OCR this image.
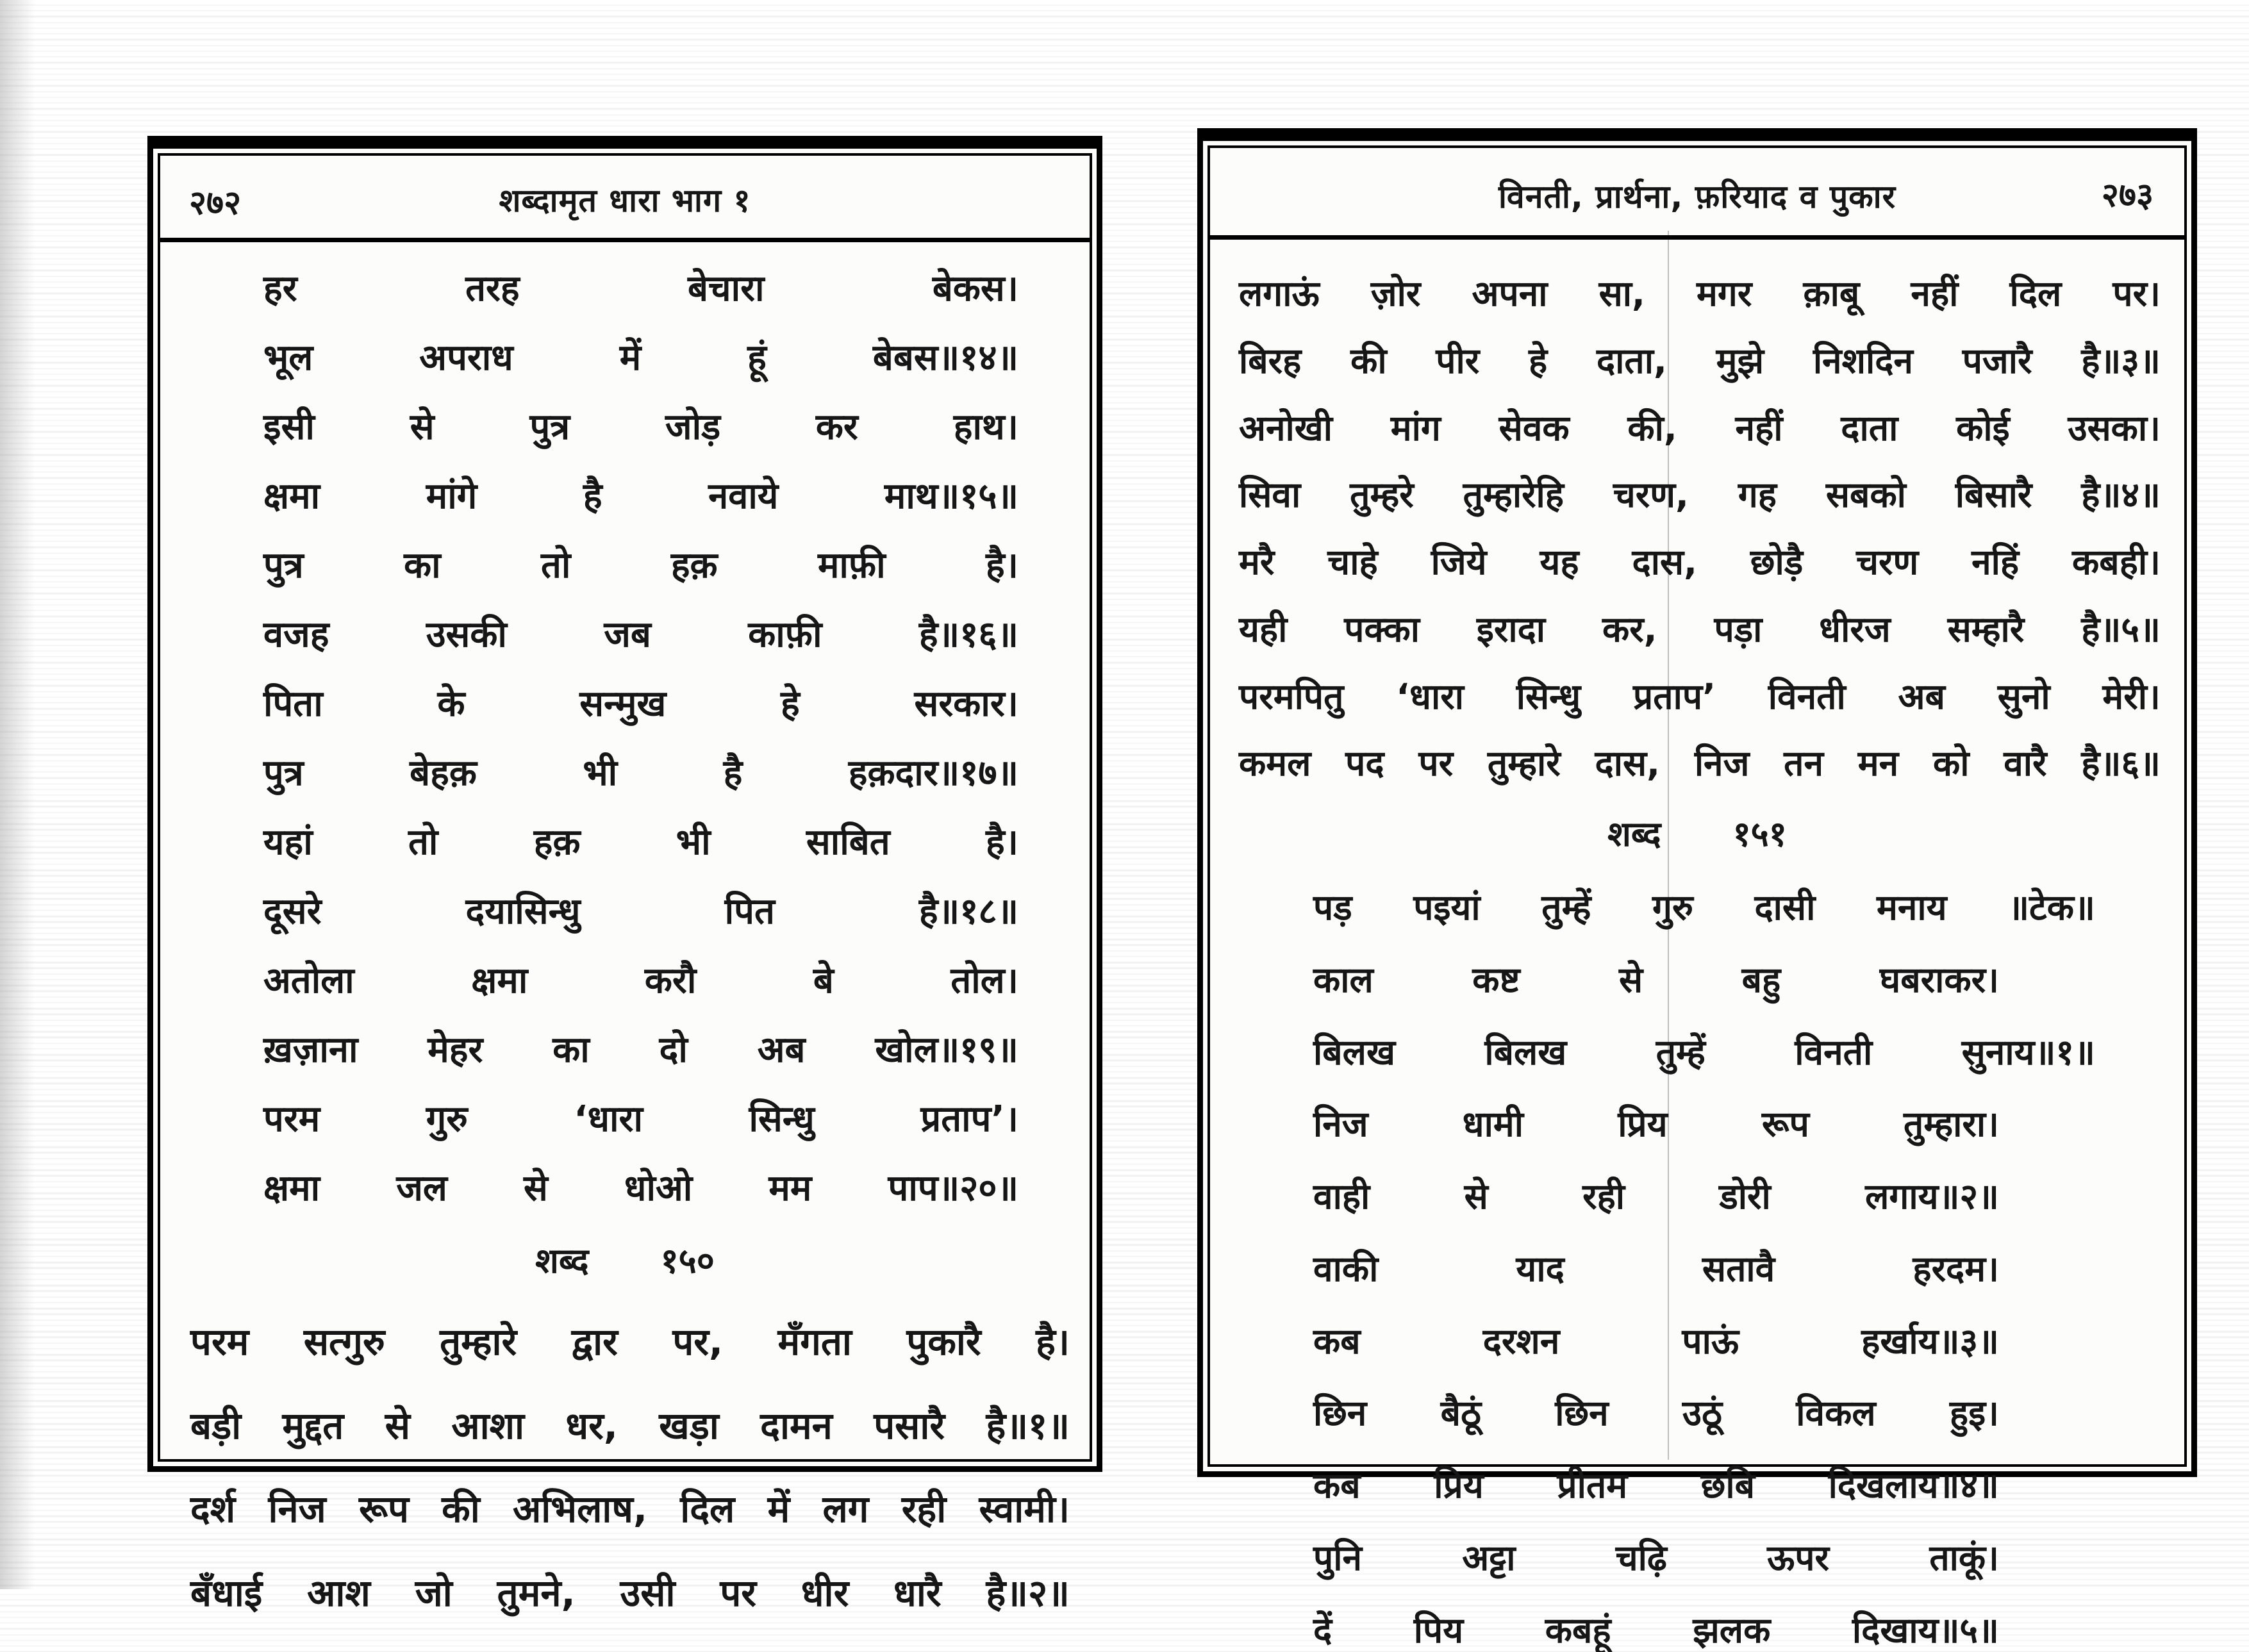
२७२	शब्दामृत धारा भाग १
हर	तरह	बेचारा	बेकस।
भूल	अपराध	में	हूं	बेबस॥१४॥
इसी	से	पुत्र	जोड़	कर	हाथ।
क्षमा	मांगे	है	नवाये	माथ॥१५॥
पुत्र	का	तो	हक़	माफ़ी	है।
वजह	उसकी	जब	काफ़ी	है॥१६॥
पिता	के	सन्मुख	हे	सरकार।
पुत्र	बेहक़	भी	है	हक़दार॥१७॥
यहां	तो	हक़	भी	साबित	है।
दूसरे	दयासिन्धु	पित	है॥१८॥
अतोला	क्षमा	करौ	बे	तोल।
ख़ज़ाना मेहर का दो अब खोल॥१९॥
परम	गुरु	‘धारा	सिन्धु	प्रताप’।
क्षमा जल से धोओ मम पाप॥२०॥
शब्द १५०
परम सत्गुरु तुम्हारे द्वार पर, मँगता पुकारै है।
बड़ी मुद्दत से आशा धर, खड़ा दामन पसारै है॥१॥
दर्श निज रूप की अभिलाष, दिल में लग रही स्वामी।
बँधाई आश जो तुमने, उसी पर धीर धारै है॥२॥
विनती, प्रार्थना, फ़रियाद व पुकार	२७३
लगाऊं ज़ोर अपना सा, मगर क़ाबू नहीं दिल पर।
बिरह की पीर हे दाता, मुझे निशदिन पजारै है॥३॥
अनोखी मांग सेवक की, नहीं दाता कोई उसका।
सिवा तुम्हरे तुम्हारेहि चरण, गह सबको बिसारै है॥४॥
मरै चाहे जिये यह दास, छोड़ै चरण नहिं कबही।
यही पक्का इरादा कर, पड़ा धीरज सम्हारै है॥५॥
परमपितु ‘धारा सिन्धु प्रताप’ विनती अब सुनो मेरी।
कमल पद पर तुम्हारे दास, निज तन मन को वारै है॥६॥
शब्द १५१
पड़ पइयां तुम्हें गुरु दासी मनाय ॥टेक॥
काल	कष्ट	से	बहु	घबराकर।
बिलख	बिलख	तुम्हें	विनती	सुनाय॥१॥
निज	धामी	प्रिय	रूप	तुम्हारा।
वाही	से	रही	डोरी	लगाय॥२॥
वाकी	याद	सतावै	हरदम।
कब	दरशन	पाऊं	हर्खाय॥३॥
छिन बैठूं छिन उठूं विकल हुइ।
कब प्रिय प्रीतम छबि दिखलाय॥४॥
पुनि	अट्टा	चढ़ि	ऊपर	ताकूं।
दें पिय कबहूं झलक दिखाय॥५॥
